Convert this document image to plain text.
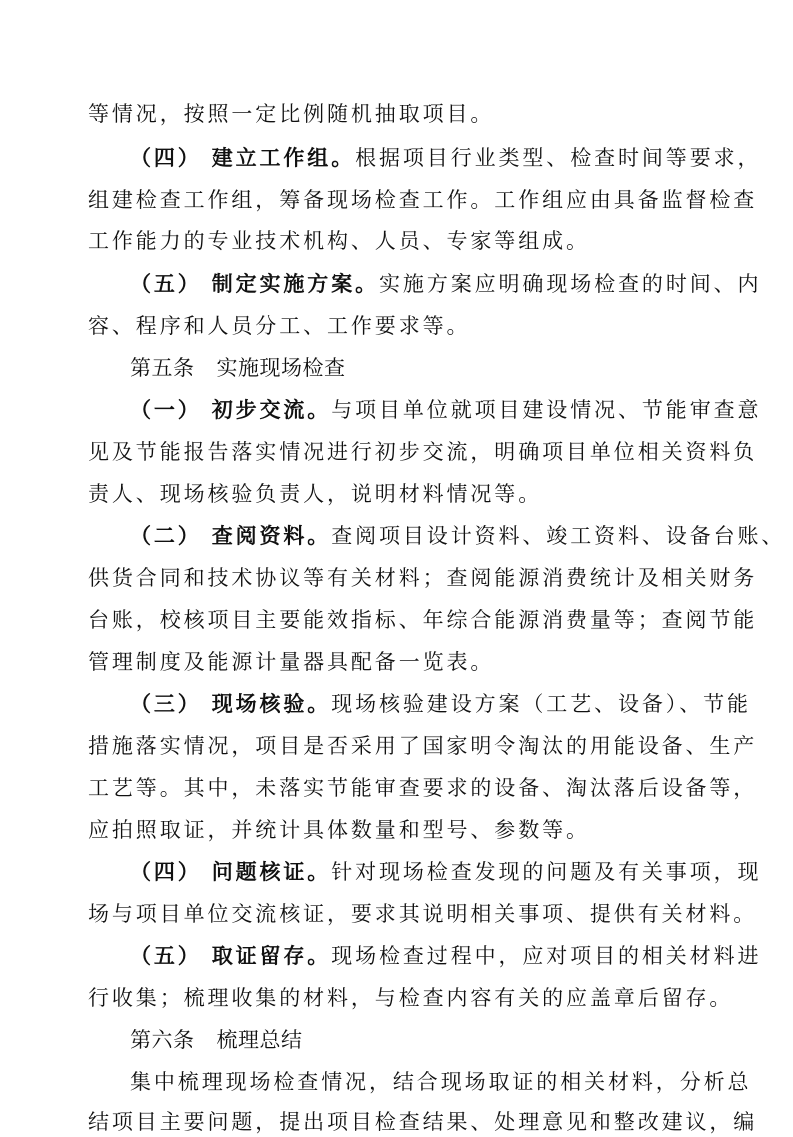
等情况，按照一定比例随机抽取项目。
（四） 建立工作组。根据项目行业类型、检查时间等要求，
组建检查工作组，筹备现场检查工作。工作组应由具备监督检查
工作能力的专业技术机构、人员、专家等组成。
（五） 制定实施方案。实施方案应明确现场检查的时间、内
容、程序和人员分工、工作要求等。
第五条 实施现场检查
（一） 初步交流。与项目单位就项目建设情况、节能审查意
见及节能报告落实情况进行初步交流，明确项目单位相关资料负
责人、现场核验负责人，说明材料情况等。
（二） 查阅资料。查阅项目设计资料、竣工资料、设备台账、
供货合同和技术协议等有关材料；查阅能源消费统计及相关财务
台账，校核项目主要能效指标、年综合能源消费量等；查阅节能
管理制度及能源计量器具配备一览表。
（三） 现场核验。现场核验建设方案（工艺、设备）、节能
措施落实情况，项目是否采用了国家明令淘汰的用能设备、生产
工艺等。其中，未落实节能审查要求的设备、淘汰落后设备等，
应拍照取证，并统计具体数量和型号、参数等。
（四） 问题核证。针对现场检查发现的问题及有关事项，现
场与项目单位交流核证，要求其说明相关事项、提供有关材料。
（五） 取证留存。现场检查过程中，应对项目的相关材料进
行收集；梳理收集的材料，与检查内容有关的应盖章后留存。
第六条 梳理总结
集中梳理现场检查情况，结合现场取证的相关材料，分析总
结项目主要问题，提出项目检查结果、处理意见和整改建议，编
